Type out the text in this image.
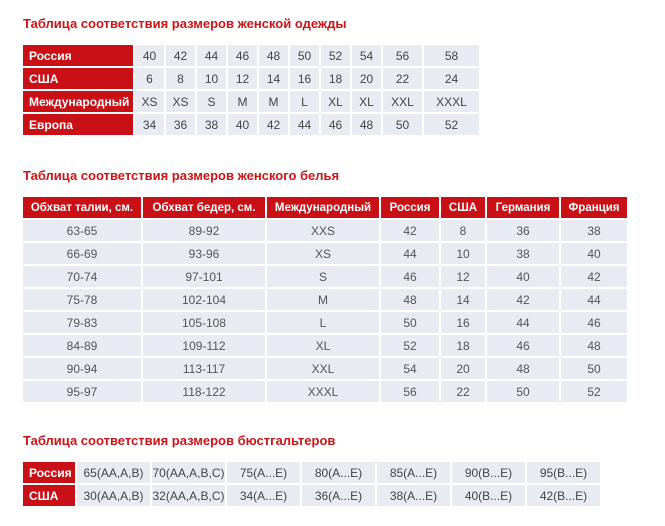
Таблица соответствия размеров женской одежды
Россия	40	42	44	46	48	50	52	54	56	58
США	6	8	10	12	14	16	18	20	22	24
Международный	XS	XS	S	M	M	L	XL	XL	XXL	XXXL
Европа	34	36	38	40	42	44	46	48	50	52
Таблица соответствия размеров женского белья
Обхват талии, см.	Обхват бедер, см.	Международный	Россия	США	Германия	Франция
63-65	89-92	XXS	42	8	36	38
66-69	93-96	XS	44	10	38	40
70-74	97-101	S	46	12	40	42
75-78	102-104	M	48	14	42	44
79-83	105-108	L	50	16	44	46
84-89	109-112	XL	52	18	46	48
90-94	113-117	XXL	54	20	48	50
95-97	118-122	XXXL	56	22	50	52
Таблица соответствия размеров бюстгальтеров
Россия	65(AA,A,B)	70(AA,A,B,C)	75(A...E)	80(A...E)	85(A...E)	90(B...E)	95(B...E)
США	30(AA,A,B)	32(AA,A,B,C)	34(A...E)	36(A...E)	38(A...E)	40(B...E)	42(B...E)
